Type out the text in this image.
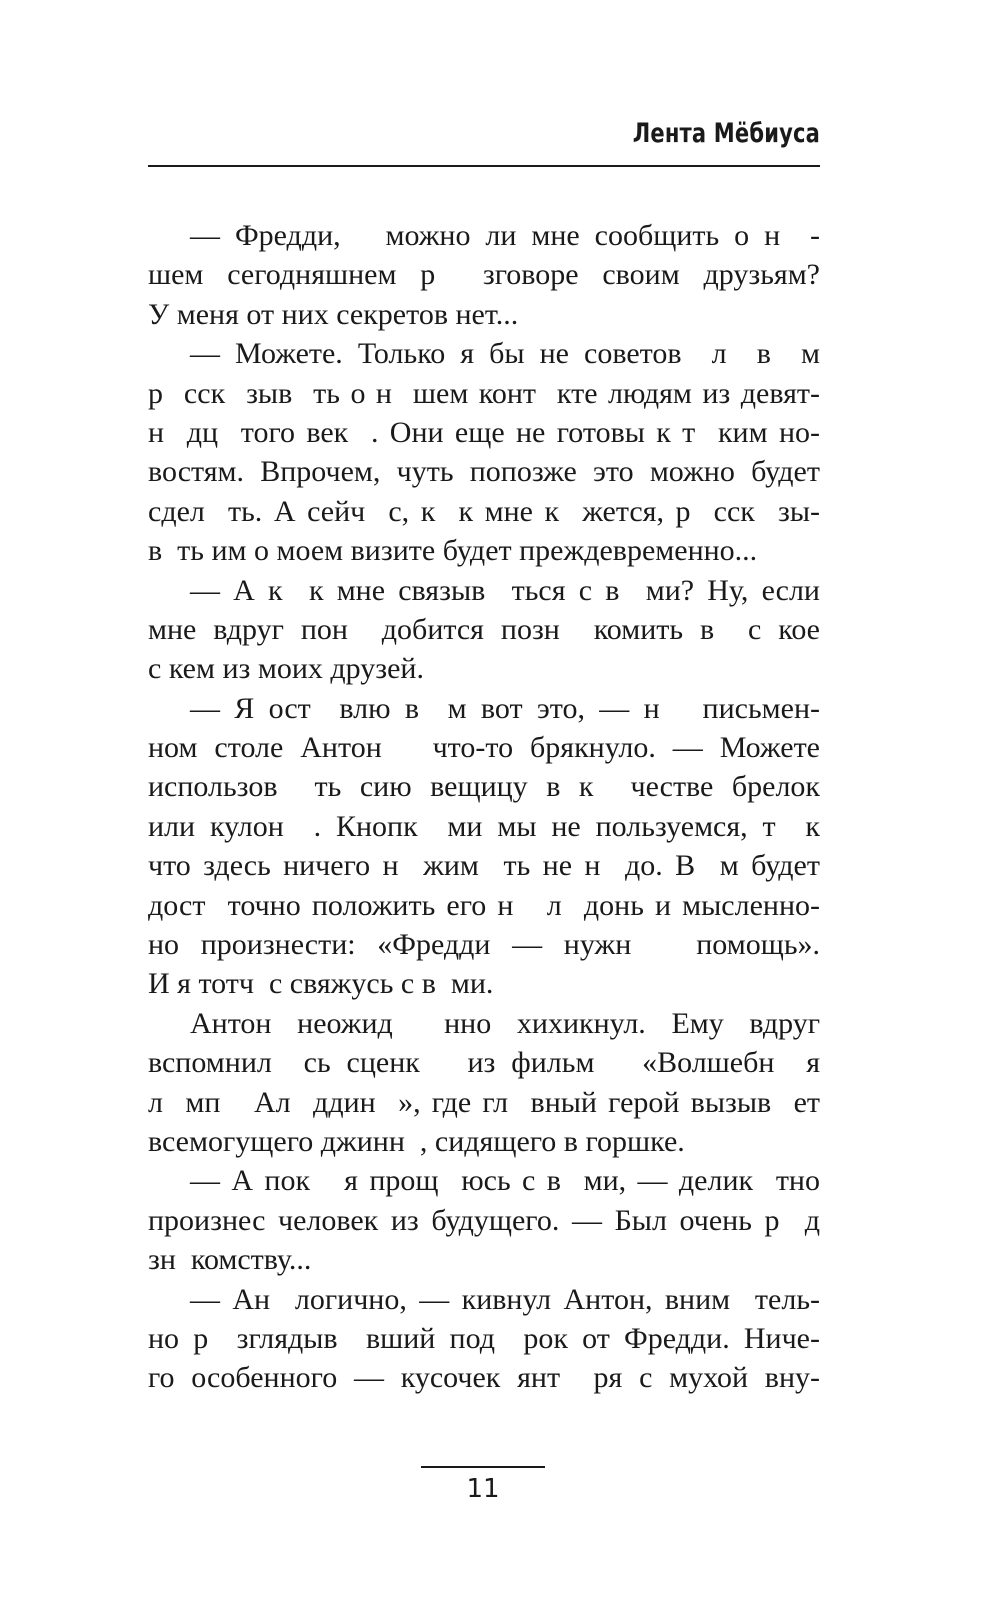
Лента Мёбиуса
— Фредди,   можно ли мне сообщить о н  -
шем сегодняшнем р  зговоре своим друзьям?
У меня от них секретов нет...
— Можете. Только я бы не советов  л  в  м
р  сск  зыв  ть о н  шем конт  кте людям из девят-
н  дц  того век  . Они еще не готовы к т  ким но-
востям. Впрочем, чуть попозже это можно будет
сдел  ть. А сейч  с, к  к мне к  жется, р  сск  зы-
в  ть им о моем визите будет преждевременно...
— А к  к мне связыв  ться с в  ми? Ну, если
мне вдруг пон  добится позн  комить в  с кое
с кем из моих друзей.
— Я ост  влю в  м вот это, — н   письмен-
ном столе Антон   что-то брякнуло. — Можете
использов  ть сию вещицу в к  честве брелок
или кулон  . Кнопк  ми мы не пользуемся, т  к
что здесь ничего н  жим  ть не н  до. В  м будет
дост  точно положить его н   л  донь и мысленно-
но произнести: «Фредди — нужн   помощь».
И я тотч  с свяжусь с в  ми.
Антон неожид  нно хихикнул. Ему вдруг
вспомнил  сь сценк   из фильм   «Волшебн  я
л  мп   Ал  ддин  », где гл  вный герой вызыв  ет
всемогущего джинн  , сидящего в горшке.
— А пок   я прощ  юсь с в  ми, — делик  тно
произнес человек из будущего. — Был очень р  д
зн  комству...
— Ан  логично, — кивнул Антон, вним  тель-
но р  зглядыв  вший под  рок от Фредди. Ниче-
го особенного — кусочек янт  ря с мухой вну-
11
